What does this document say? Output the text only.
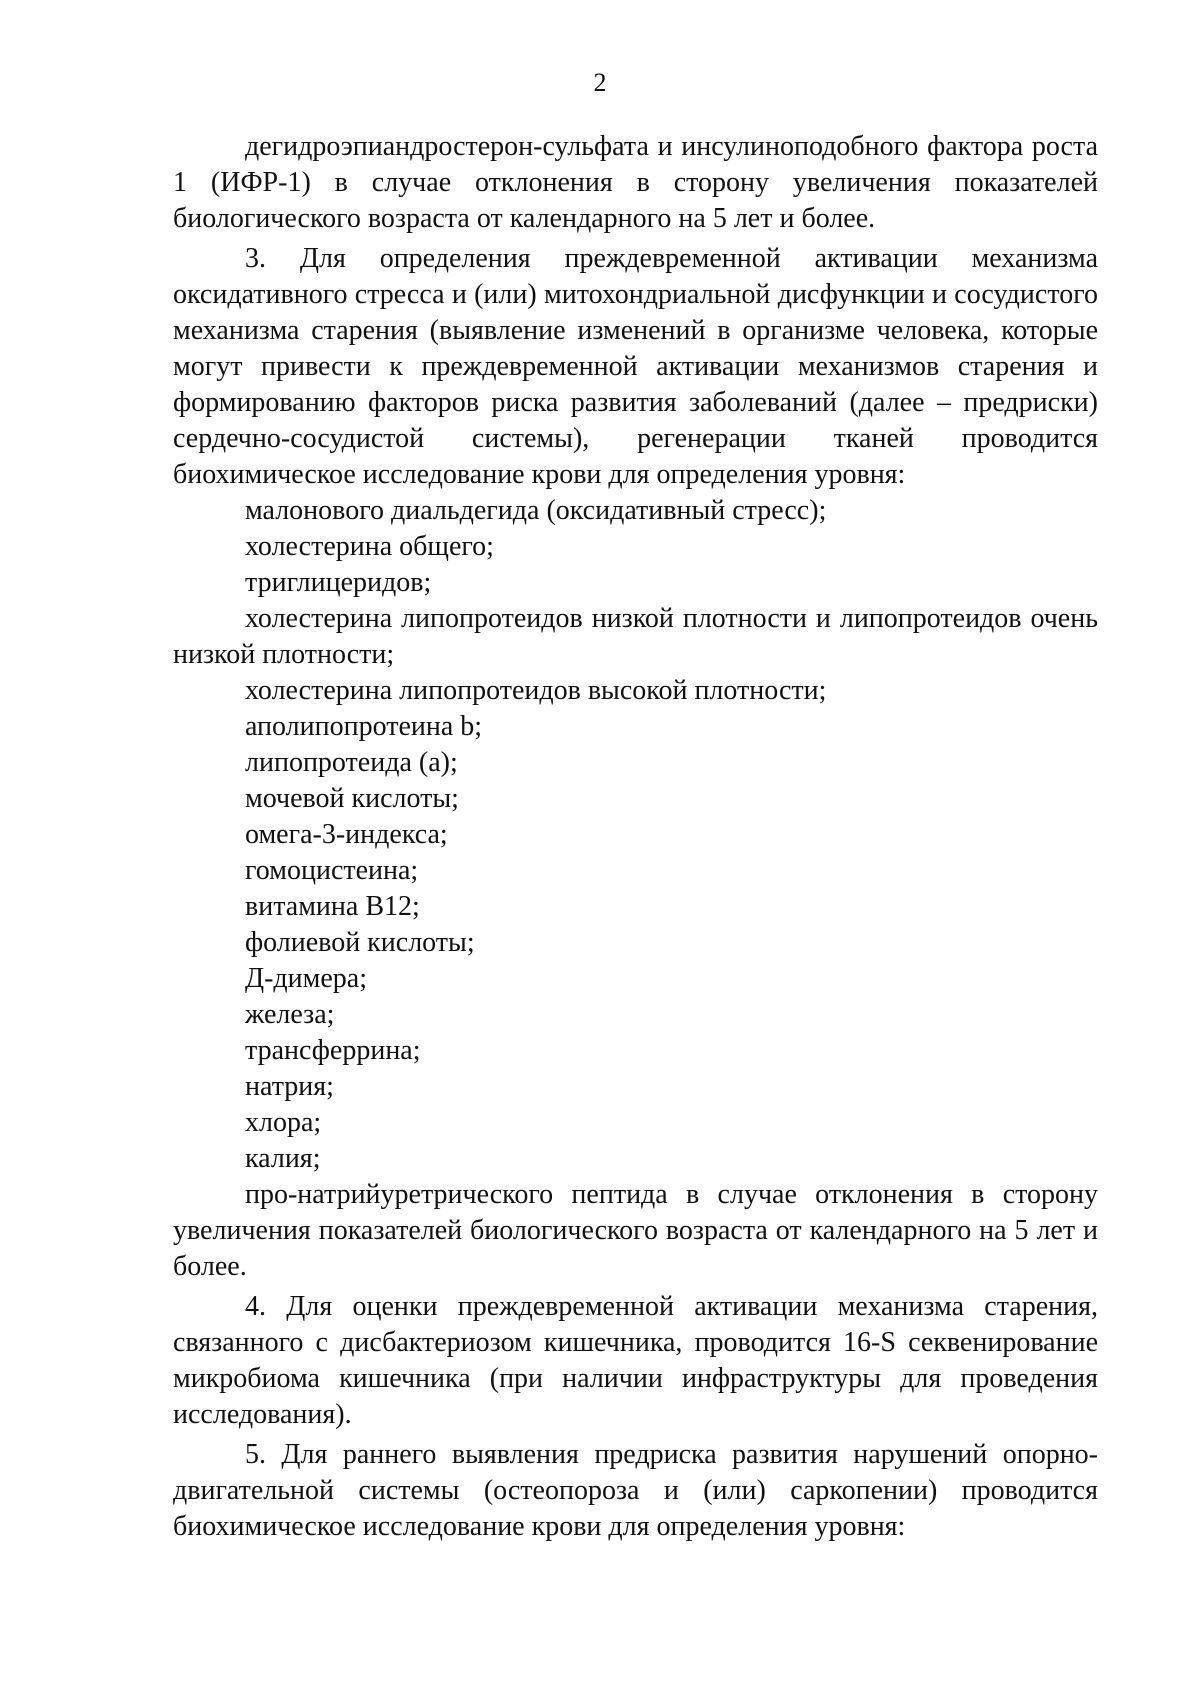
2

дегидроэпиандростерон-сульфата и инсулиноподобного фактора роста 1 (ИФР-1) в случае отклонения в сторону увеличения показателей биологического возраста от календарного на 5 лет и более.

3. Для определения преждевременной активации механизма оксидативного стресса и (или) митохондриальной дисфункции и сосудистого механизма старения (выявление изменений в организме человека, которые могут привести к преждевременной активации механизмов старения и формированию факторов риска развития заболеваний (далее – предриски) сердечно-сосудистой системы), регенерации тканей проводится биохимическое исследование крови для определения уровня:

малонового диальдегида (оксидативный стресс);

холестерина общего;

триглицеридов;

холестерина липопротеидов низкой плотности и липопротеидов очень низкой плотности;

холестерина липопротеидов высокой плотности;

аполипопротеина b;

липопротеида (а);

мочевой кислоты;

омега-3-индекса;

гомоцистеина;

витамина В12;

фолиевой кислоты;

Д-димера;

железа;

трансферрина;

натрия;

хлора;

калия;

про-натрийуретрического пептида в случае отклонения в сторону увеличения показателей биологического возраста от календарного на 5 лет и более.

4. Для оценки преждевременной активации механизма старения, связанного с дисбактериозом кишечника, проводится 16-S секвенирование микробиома кишечника (при наличии инфраструктуры для проведения исследования).

5. Для раннего выявления предриска развития нарушений опорно-двигательной системы (остеопороза и (или) саркопении) проводится биохимическое исследование крови для определения уровня:
